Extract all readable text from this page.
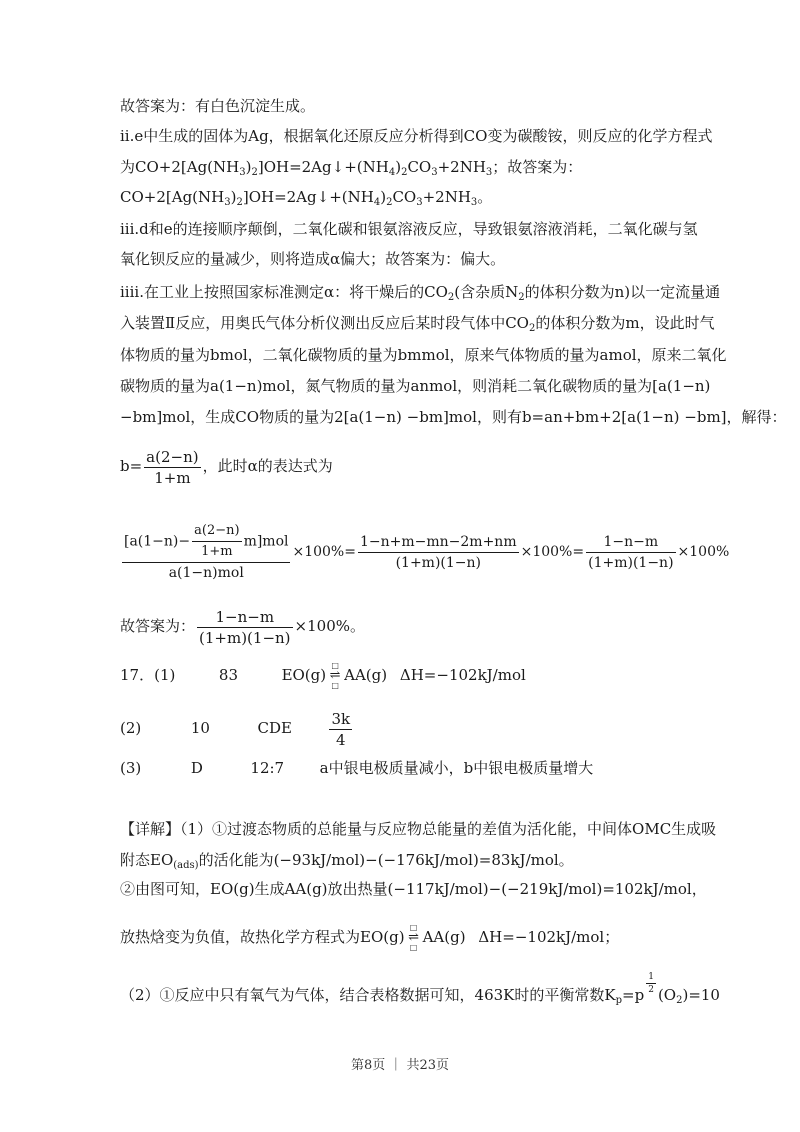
故答案为：有白色沉淀生成。
ii.e中生成的固体为Ag，根据氧化还原反应分析得到CO变为碳酸铵，则反应的化学方程式
为$CO+2[Ag(NH_3)_2]OH=2Ag↓+(NH_4)_2CO_3+2NH_3$；故答案为：
$CO+2[Ag(NH_3)_2]OH=2Ag↓+(NH_4)_2CO_3+2NH_3$。
iii.d和e的连接顺序颠倒，二氧化碳和银氨溶液反应，导致银氨溶液消耗，二氧化碳与氢
氧化钡反应的量减少，则将造成α偏大；故答案为：偏大。
iiii.在工业上按照国家标准测定α：将干燥后的$CO_2$(含杂质$N_2$的体积分数为n)以一定流量通
入装置Ⅱ反应，用奥氏气体分析仪测出反应后某时段气体中$CO_2$的体积分数为m，设此时气
体物质的量为bmol，二氧化碳物质的量为bmmol，原来气体物质的量为amol，原来二氧化
碳物质的量为a(1−n)mol，氮气物质的量为anmol，则消耗二氧化碳物质的量为[a(1−n)
−bm]mol，生成CO物质的量为2[a(1−n) −bm]mol，则有b=an+bm+2[a(1−n) −bm]，解得：
$b= \frac{a(2-n)}{1+m}$ ，此时α的表达式为
$\frac{[a(1-n)- \frac{a(2-n)}{1+m} m]mol}{\text{a(1−n)mol}} \times 100\%= \frac{1-n+m-mn-2m+nm}{(1+m)(1-n)} \times 100\%= \frac{1-n-m}{(1+m)(1-n)} \times 100\%$
故答案为： $\frac{1-n-m}{(1+m)(1-n)} \times 100\%$。
17．(1)	83	EO(g)
□
⇌
□
AA(g) ΔH=−102kJ/mol
(2)	10	CDE	$\frac{3k}{4}$
(3)	D	12:7 a中银电极质量减小，b中银电极质量增大
【详解】（1）①过渡态物质的总能量与反应物总能量的差值为活化能，中间体OMC生成吸
附态$EO_{(ads)}$的活化能为(−93kJ/mol)−(−176kJ/mol)=83kJ/mol。
②由图可知，EO(g)生成AA(g)放出热量(−117kJ/mol)−(−219kJ/mol)=102kJ/mol，
放热焓变为负值，故热化学方程式为EO(g)
□
⇌
□
AA(g) ΔH=−102kJ/mol；
（2）①反应中只有氧气为气体，结合表格数据可知，463K时的平衡常数$K_p=p \frac{1}{2} (O_2)=10$
第8页 ｜ 共23页
